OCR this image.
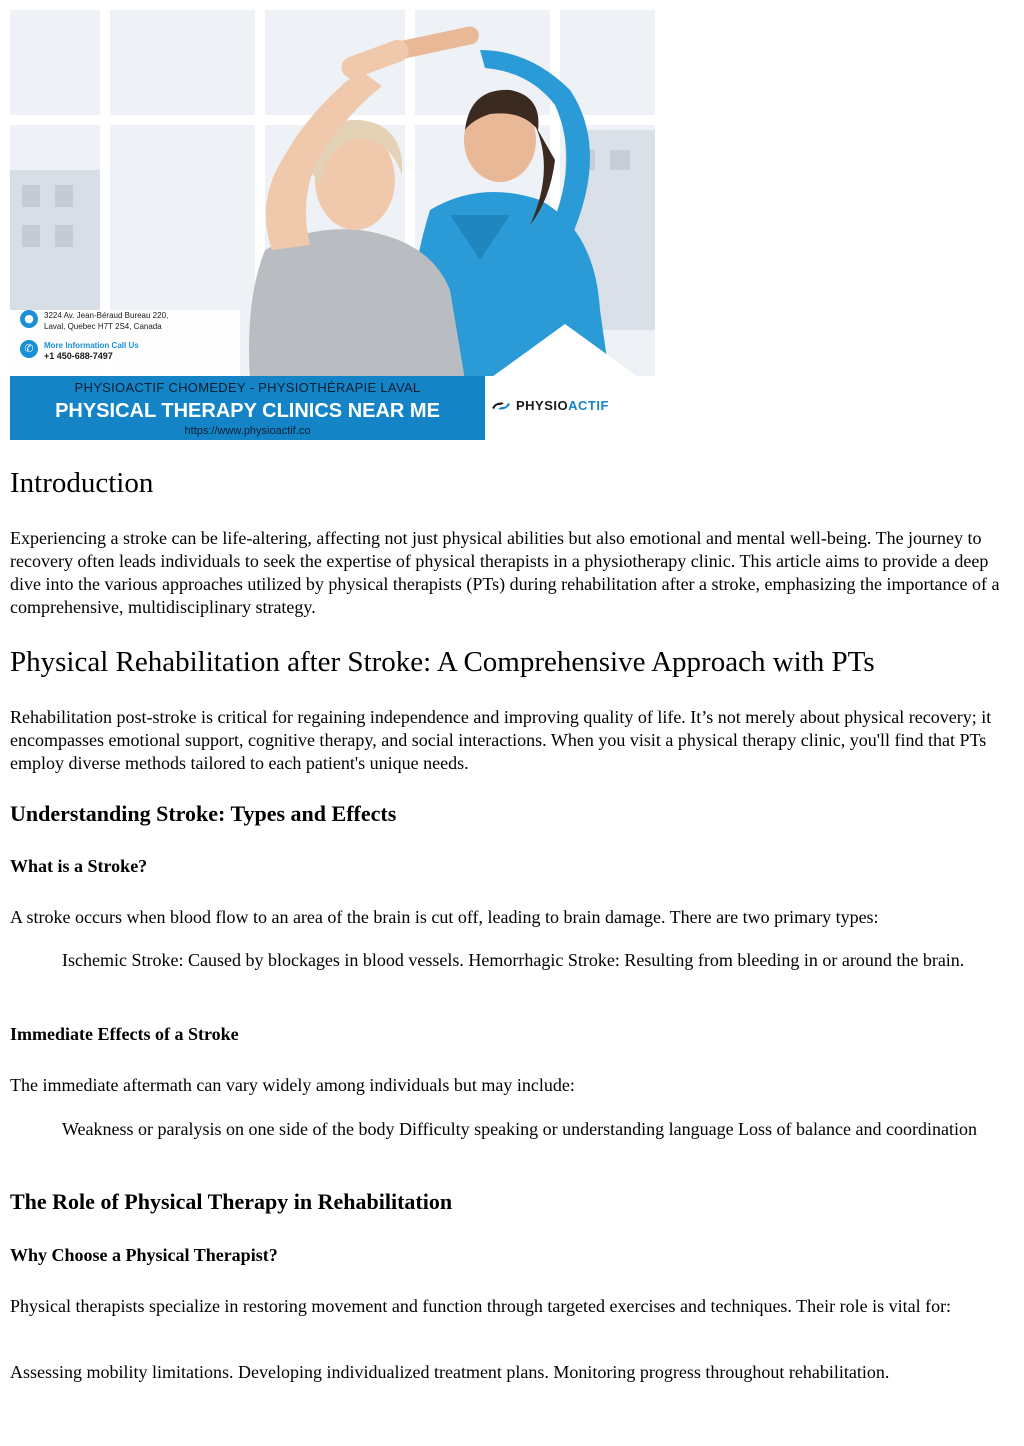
●	3224 Av. Jean-Béraud Bureau 220,
Laval, Quebec H7T 2S4, Canada
✆	More Information Call Us
+1 450-688-7497
PHYSIOACTIF CHOMEDEY - PHYSIOTHÉRAPIE LAVAL
PHYSICAL THERAPY CLINICS NEAR ME
https://www.physioactif.co
PHYSIO ACTIF
Introduction

Experiencing a stroke can be life-altering, affecting not just physical abilities but also emotional and mental well-being. The journey to recovery often leads individuals to seek the expertise of physical therapists in a physiotherapy clinic. This article aims to provide a deep dive into the various approaches utilized by physical therapists (PTs) during rehabilitation after a stroke, emphasizing the importance of a comprehensive, multidisciplinary strategy.

Physical Rehabilitation after Stroke: A Comprehensive Approach with PTs

Rehabilitation post-stroke is critical for regaining independence and improving quality of life. It’s not merely about physical recovery; it encompasses emotional support, cognitive therapy, and social interactions. When you visit a physical therapy clinic, you'll find that PTs employ diverse methods tailored to each patient's unique needs.

Understanding Stroke: Types and Effects
What is a Stroke?

A stroke occurs when blood flow to an area of the brain is cut off, leading to brain damage. There are two primary types:

Ischemic Stroke: Caused by blockages in blood vessels. Hemorrhagic Stroke: Resulting from bleeding in or around the brain.

Immediate Effects of a Stroke

The immediate aftermath can vary widely among individuals but may include:

Weakness or paralysis on one side of the body Difficulty speaking or understanding language Loss of balance and coordination

The Role of Physical Therapy in Rehabilitation
Why Choose a Physical Therapist?

Physical therapists specialize in restoring movement and function through targeted exercises and techniques. Their role is vital for:

Assessing mobility limitations. Developing individualized treatment plans. Monitoring progress throughout rehabilitation.
